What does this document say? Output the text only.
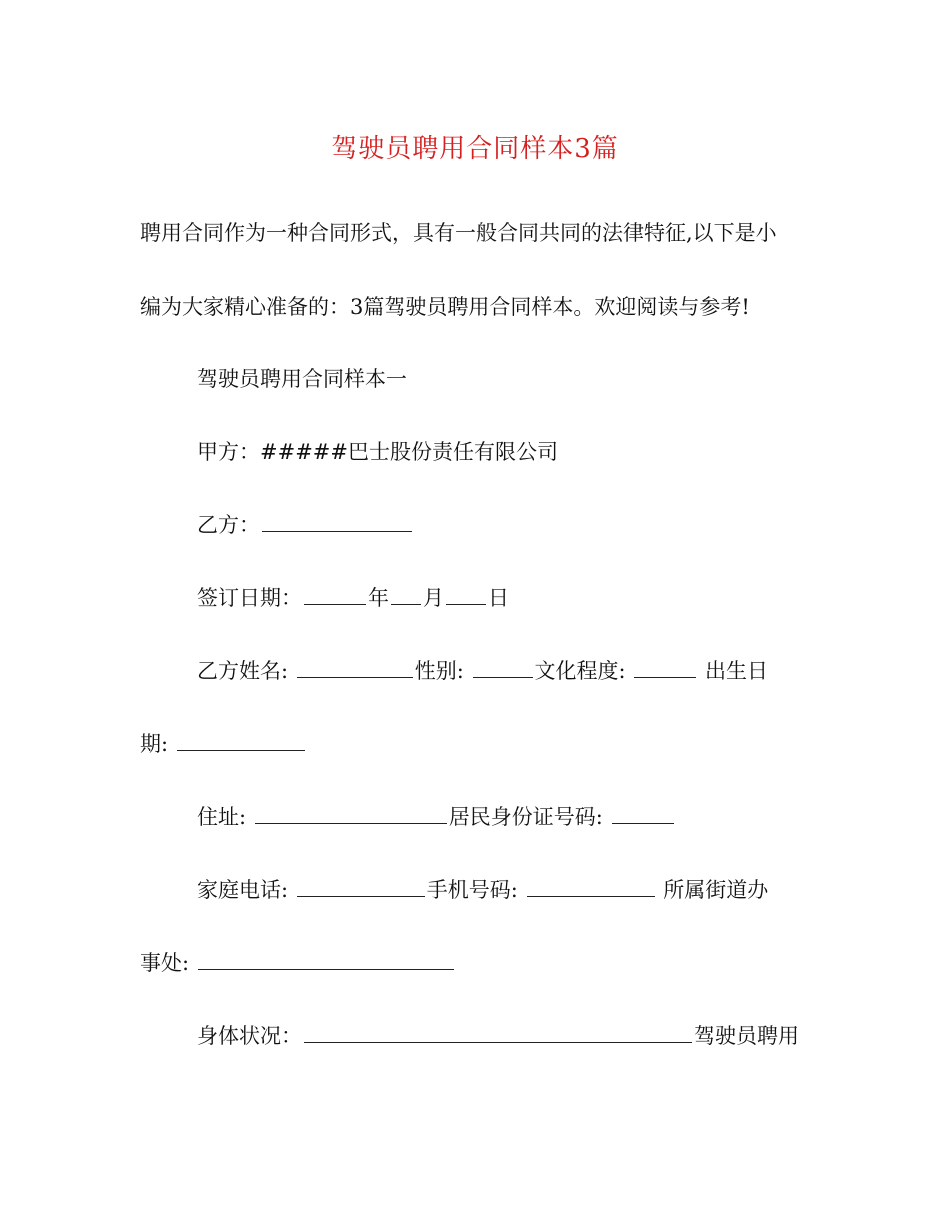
驾驶员聘用合同样本3篇
聘用合同作为一种合同形式，具有一般合同共同的法律特征,以下是小
编为大家精心准备的：3篇驾驶员聘用合同样本。欢迎阅读与参考!
驾驶员聘用合同样本一
甲方：#####巴士股份责任有限公司
乙方：
签订日期：	年 月 日
乙方姓名:	性别:	文化程度:	出生日
期:
住址:	居民身份证号码:
家庭电话:	手机号码:	所属街道办
事处:
身体状况：	驾驶员聘用
